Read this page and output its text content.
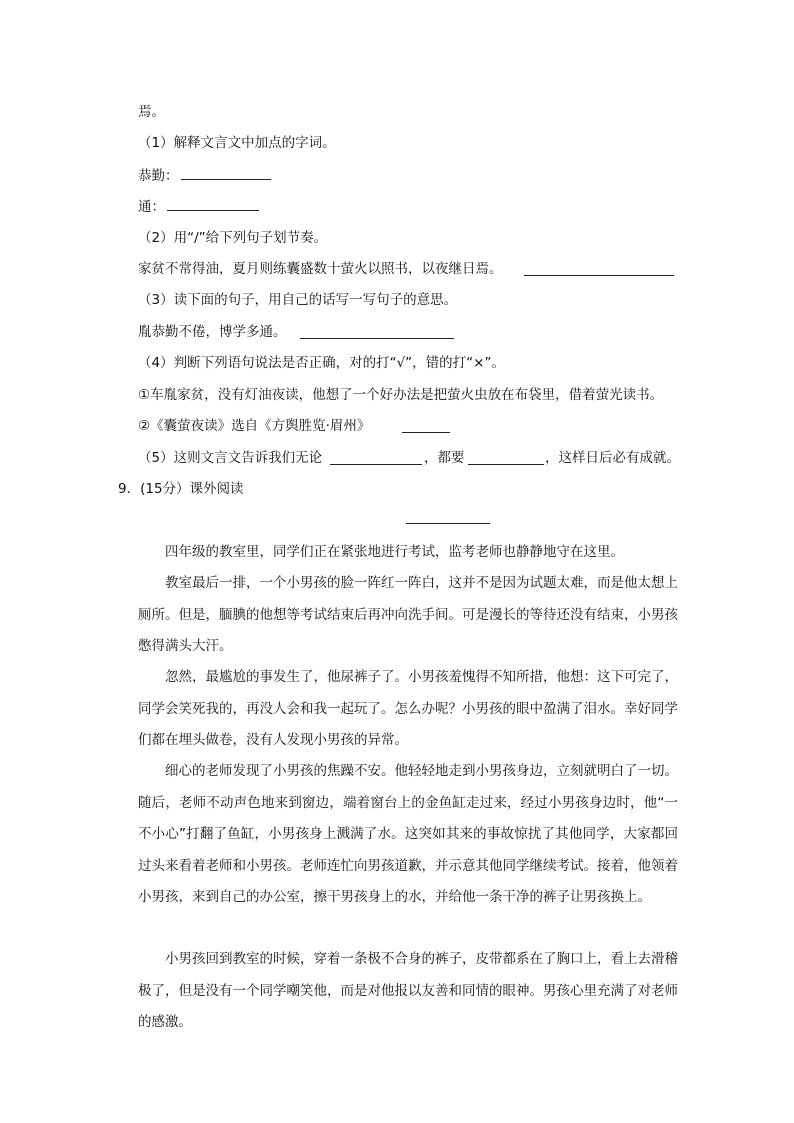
焉。
（1）解释文言文中加点的字词。
恭勤：
通：
（2）用“/”给下列句子划节奏。
家贫不常得油，夏月则练囊盛数十萤火以照书，以夜继日焉。
（3）读下面的句子，用自己的话写一写句子的意思。
胤恭勤不倦，博学多通。
（4）判断下列语句说法是否正确，对的打“√”，错的打“×”。
①车胤家贫，没有灯油夜读，他想了一个好办法是把萤火虫放在布袋里，借着萤光读书。
②《囊萤夜读》选自《方舆胜览·眉州》
（5）这则文言文告诉我们无论	，都要	，这样日后必有成就。
9．(15分）课外阅读
四年级的教室里，同学们正在紧张地进行考试，监考老师也静静地守在这里。
教室最后一排，一个小男孩的脸一阵红一阵白，这并不是因为试题太难，而是他太想上厕所。但是，腼腆的他想等考试结束后再冲向洗手间。可是漫长的等待还没有结束，小男孩憋得满头大汗。
忽然，最尴尬的事发生了，他尿裤子了。小男孩羞愧得不知所措，他想：这下可完了，同学会笑死我的，再没人会和我一起玩了。怎么办呢？小男孩的眼中盈满了泪水。幸好同学们都在埋头做卷，没有人发现小男孩的异常。
细心的老师发现了小男孩的焦躁不安。他轻轻地走到小男孩身边，立刻就明白了一切。随后，老师不动声色地来到窗边，端着窗台上的金鱼缸走过来，经过小男孩身边时，他“一不小心”打翻了鱼缸，小男孩身上溅满了水。这突如其来的事故惊扰了其他同学，大家都回过头来看着老师和小男孩。老师连忙向男孩道歉，并示意其他同学继续考试。接着，他领着小男孩，来到自己的办公室，擦干男孩身上的水，并给他一条干净的裤子让男孩换上。
小男孩回到教室的时候，穿着一条极不合身的裤子，皮带都系在了胸口上，看上去滑稽极了，但是没有一个同学嘲笑他，而是对他报以友善和同情的眼神。男孩心里充满了对老师的感激。
